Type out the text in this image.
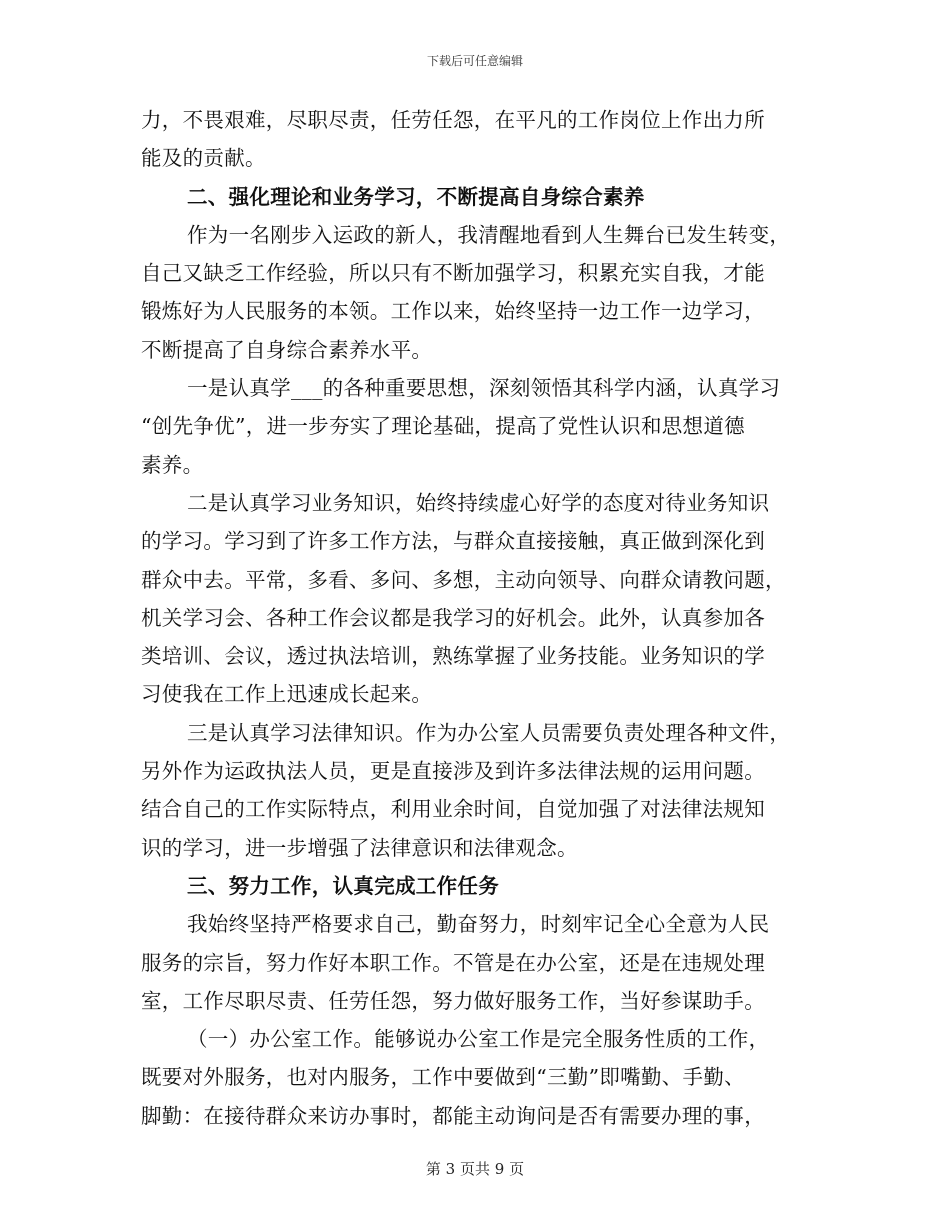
下载后可任意编辑
力，不畏艰难，尽职尽责，任劳任怨，在平凡的工作岗位上作出力所
能及的贡献。
二、强化理论和业务学习，不断提高自身综合素养
作为一名刚步入运政的新人，我清醒地看到人生舞台已发生转变，
自己又缺乏工作经验，所以只有不断加强学习，积累充实自我，才能
锻炼好为人民服务的本领。工作以来，始终坚持一边工作一边学习，
不断提高了自身综合素养水平。
一是认真学___的各种重要思想，深刻领悟其科学内涵，认真学习
“创先争优”，进一步夯实了理论基础，提高了党性认识和思想道德
素养。
二是认真学习业务知识，始终持续虚心好学的态度对待业务知识
的学习。学习到了许多工作方法，与群众直接接触，真正做到深化到
群众中去。平常，多看、多问、多想，主动向领导、向群众请教问题，
机关学习会、各种工作会议都是我学习的好机会。此外，认真参加各
类培训、会议，透过执法培训，熟练掌握了业务技能。业务知识的学
习使我在工作上迅速成长起来。
三是认真学习法律知识。作为办公室人员需要负责处理各种文件，
另外作为运政执法人员，更是直接涉及到许多法律法规的运用问题。
结合自己的工作实际特点，利用业余时间，自觉加强了对法律法规知
识的学习，进一步增强了法律意识和法律观念。
三、努力工作，认真完成工作任务
我始终坚持严格要求自己，勤奋努力，时刻牢记全心全意为人民
服务的宗旨，努力作好本职工作。不管是在办公室，还是在违规处理
室，工作尽职尽责、任劳任怨，努力做好服务工作，当好参谋助手。
（一）办公室工作。能够说办公室工作是完全服务性质的工作，
既要对外服务，也对内服务，工作中要做到“三勤”即嘴勤、手勤、
脚勤：在接待群众来访办事时，都能主动询问是否有需要办理的事，
第 3 页共 9 页
